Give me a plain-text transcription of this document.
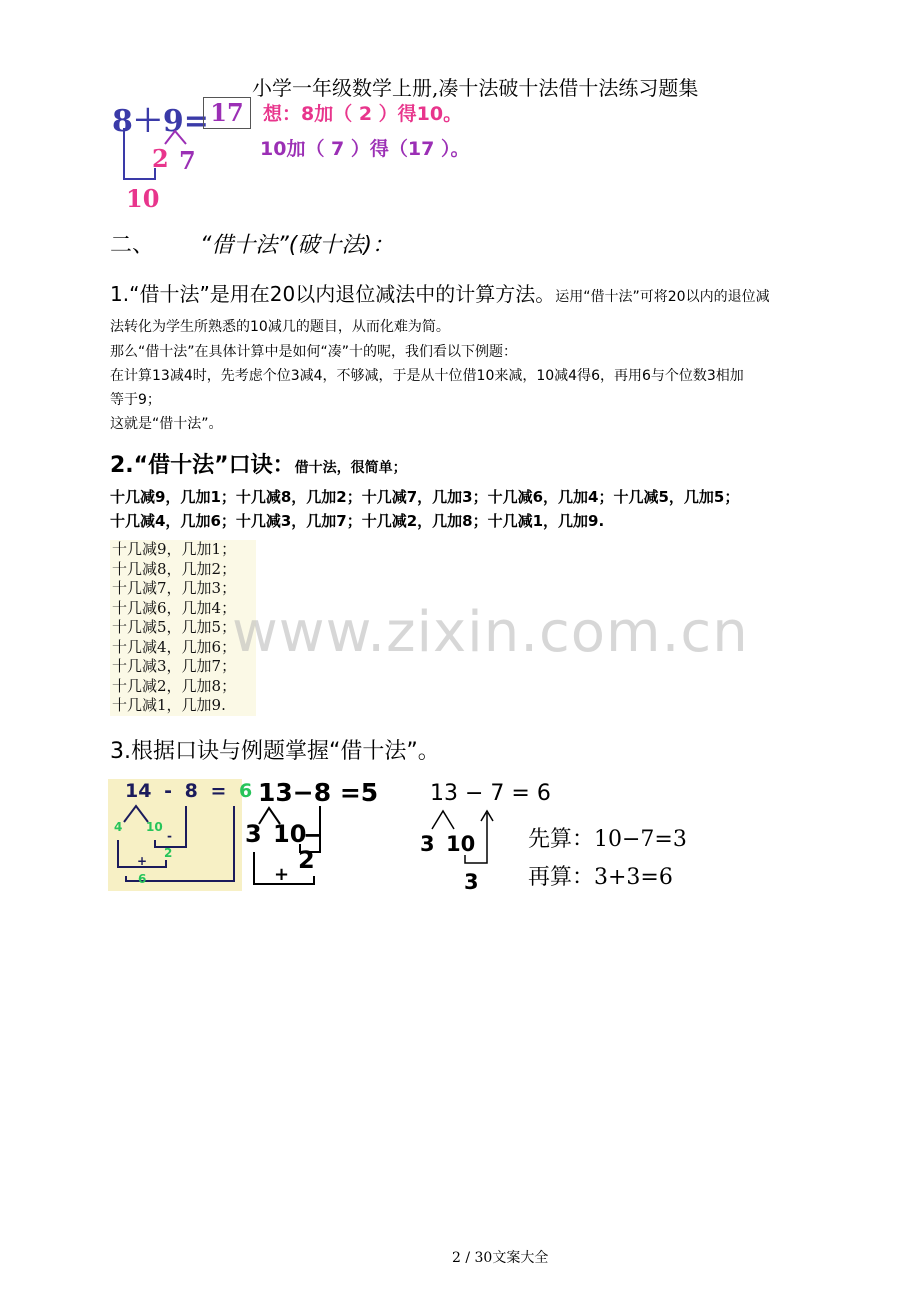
小学一年级数学上册,凑十法破十法借十法练习题集
8＋9= 17	想：8加（ 2 ）得10。
10加（ 7 ）得（17 ）。
2 7
10
二、 “借十法”(破十法)：
1.“借十法”是用在20以内退位减法中的计算方法。运用“借十法”可将20以内的退位减
法转化为学生所熟悉的10减几的题目，从而化难为简。
那么“借十法”在具体计算中是如何“凑”十的呢，我们看以下例题：
在计算13减4时，先考虑个位3减4，不够减，于是从十位借10来减，10减4得6，再用6与个位数3相加
等于9；
这就是“借十法”。
2.“借十法”口诀：借十法，很简单；
十几减9，几加1；十几减8，几加2；十几减7，几加3；十几减6，几加4；十几减5，几加5；
十几减4，几加6；十几减3，几加7；十几减2，几加8；十几减1，几加9.
十几减9，几加1；
十几减8，几加2；
十几减7，几加3；
十几减6，几加4；
十几减5，几加5；
十几减4，几加6；
十几减3，几加7；
十几减2，几加8；
十几减1，几加9.
www.zixin.com.cn
3.根据口诀与例题掌握“借十法”。
14 - 8 = 6
4 10
-
2
+
6
13−8 =5
3 10
−
2
+
13 − 7 = 6
3 10
3
先算：10−7=3
再算：3+3=6
2 / 30文案大全
